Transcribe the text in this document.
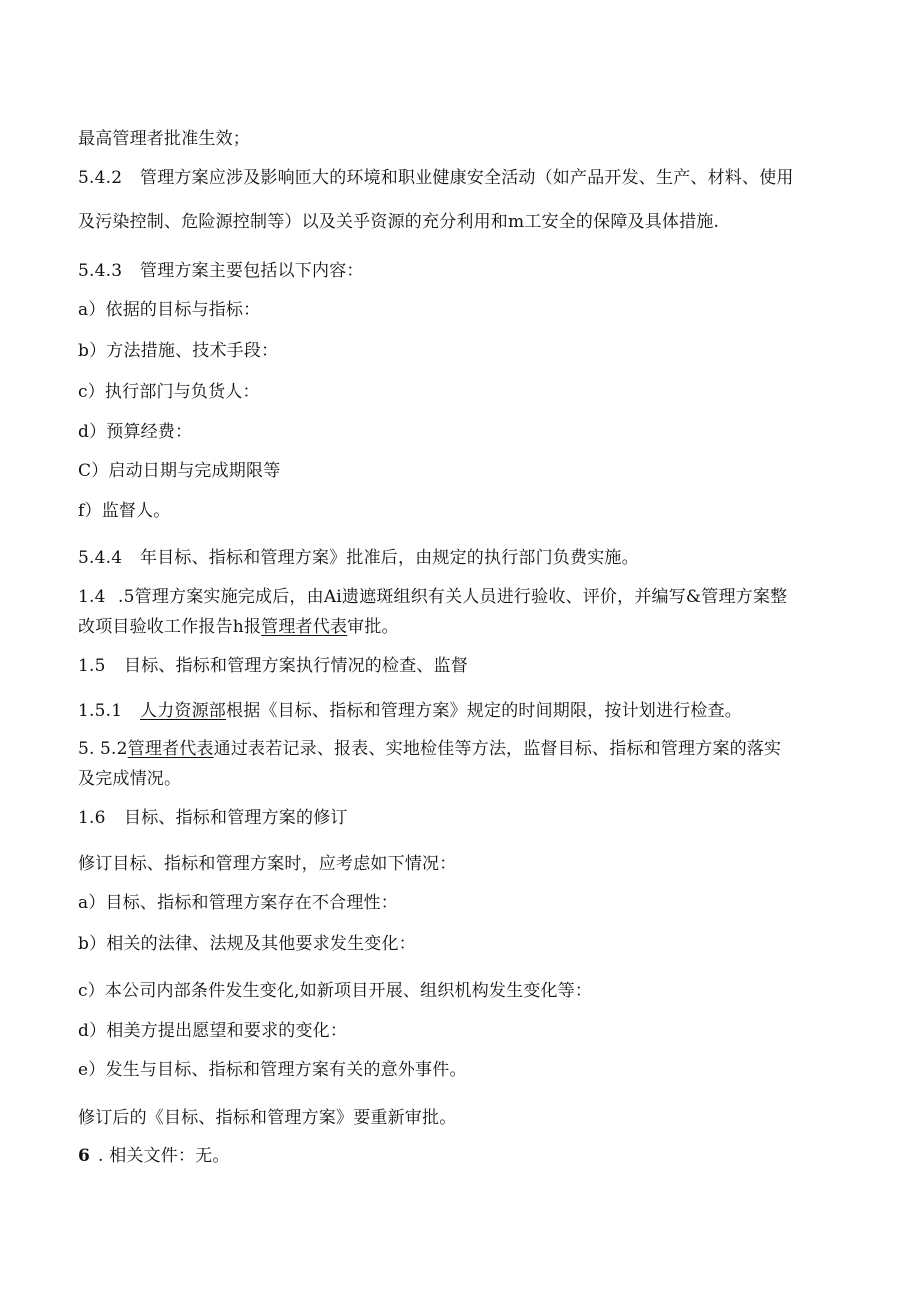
最高管理者批准生效；
5.4.2 管理方案应涉及影响匝大的环境和职业健康安全活动（如产品开发、生产、材料、使用
及污染控制、危险源控制等）以及关乎资源的充分利用和m工安全的保障及具体措施.
5.4.3 管理方案主要包括以下内容：
a）依据的目标与指标：
b）方法措施、技术手段：
c）执行部门与负货人：
d）预算经费：
C）启动日期与完成期限等
f）监督人。
5.4.4 年目标、指标和管理方案》批准后，由规定的执行部门负费实施。
1.4 .5管理方案实施完成后，由Ai遗遮斑组织有关人员进行验收、评价，并编写&管理方案整
改项目验收工作报告h报管理者代表审批。
1.5 目标、指标和管理方案执行情况的检查、监督
1.5.1 人力资源部根据《目标、指标和管理方案》规定的时间期限，按计划进行检查。
5. 5.2管理者代表通过表若记录、报表、实地检佳等方法，监督目标、指标和管理方案的落实
及完成情况。
1.6 目标、指标和管理方案的修订
修订目标、指标和管理方案时，应考虑如下情况：
a）目标、指标和管理方案存在不合理性：
b）相关的法律、法规及其他要求发生变化：
c）本公司内部条件发生变化,如新项目开展、组织机构发生变化等：
d）相美方提出愿望和要求的变化：
e）发生与目标、指标和管理方案有关的意外事件。
修订后的《目标、指标和管理方案》要重新审批。
6 . 相关文件：无。
